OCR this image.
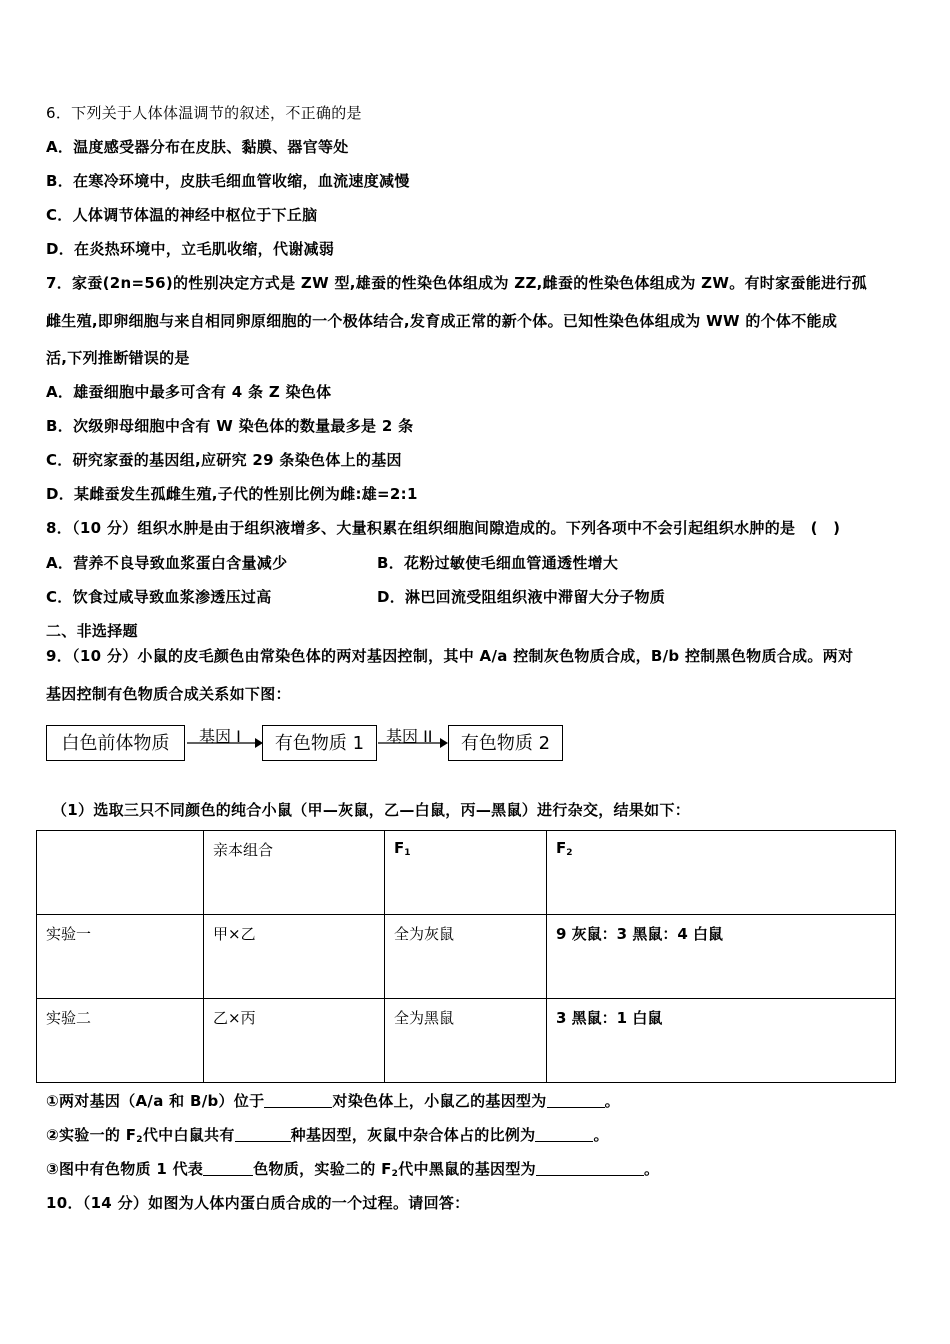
6．下列关于人体体温调节的叙述，不正确的是
A．温度感受器分布在皮肤、黏膜、器官等处
B．在寒冷环境中，皮肤毛细血管收缩，血流速度减慢
C．人体调节体温的神经中枢位于下丘脑
D．在炎热环境中，立毛肌收缩，代谢减弱
7．家蚕(2n=56)的性别决定方式是 ZW 型,雄蚕的性染色体组成为 ZZ,雌蚕的性染色体组成为 ZW。有时家蚕能进行孤
雌生殖,即卵细胞与来自相同卵原细胞的一个极体结合,发育成正常的新个体。已知性染色体组成为 WW 的个体不能成
活,下列推断错误的是
A．雄蚕细胞中最多可含有 4 条 Z 染色体
B．次级卵母细胞中含有 W 染色体的数量最多是 2 条
C．研究家蚕的基因组,应研究 29 条染色体上的基因
D．某雌蚕发生孤雌生殖,子代的性别比例为雌:雄=2:1
8．（10 分）组织水肿是由于组织液增多、大量积累在组织细胞间隙造成的。下列各项中不会引起组织水肿的是　(　)
A．营养不良导致血浆蛋白含量减少	B．花粉过敏使毛细血管通透性增大
C．饮食过咸导致血浆渗透压过高	D．淋巴回流受阻组织液中滞留大分子物质
二、非选择题
9．（10 分）小鼠的皮毛颜色由常染色体的两对基因控制，其中 A/a 控制灰色物质合成，B/b 控制黑色物质合成。两对
基因控制有色物质合成关系如下图：
白色前体物质	基因 I	有色物质 1	基因 II	有色物质 2
（1）选取三只不同颜色的纯合小鼠（甲—灰鼠，乙—白鼠，丙—黑鼠）进行杂交，结果如下：
	亲本组合	$F_1$	$F_2$
实验一	甲×乙	全为灰鼠	9 灰鼠：3 黑鼠：4 白鼠
实验二	乙×丙	全为黑鼠	3 黑鼠：1 白鼠
①两对基因（A/a 和 B/b）位于	对染色体上，小鼠乙的基因型为	。
②实验一的 $F_2$代中白鼠共有	种基因型，灰鼠中杂合体占的比例为	。
③图中有色物质 1 代表	色物质，实验二的 $F_2$代中黑鼠的基因型为	。
10．（14 分）如图为人体内蛋白质合成的一个过程。请回答：
